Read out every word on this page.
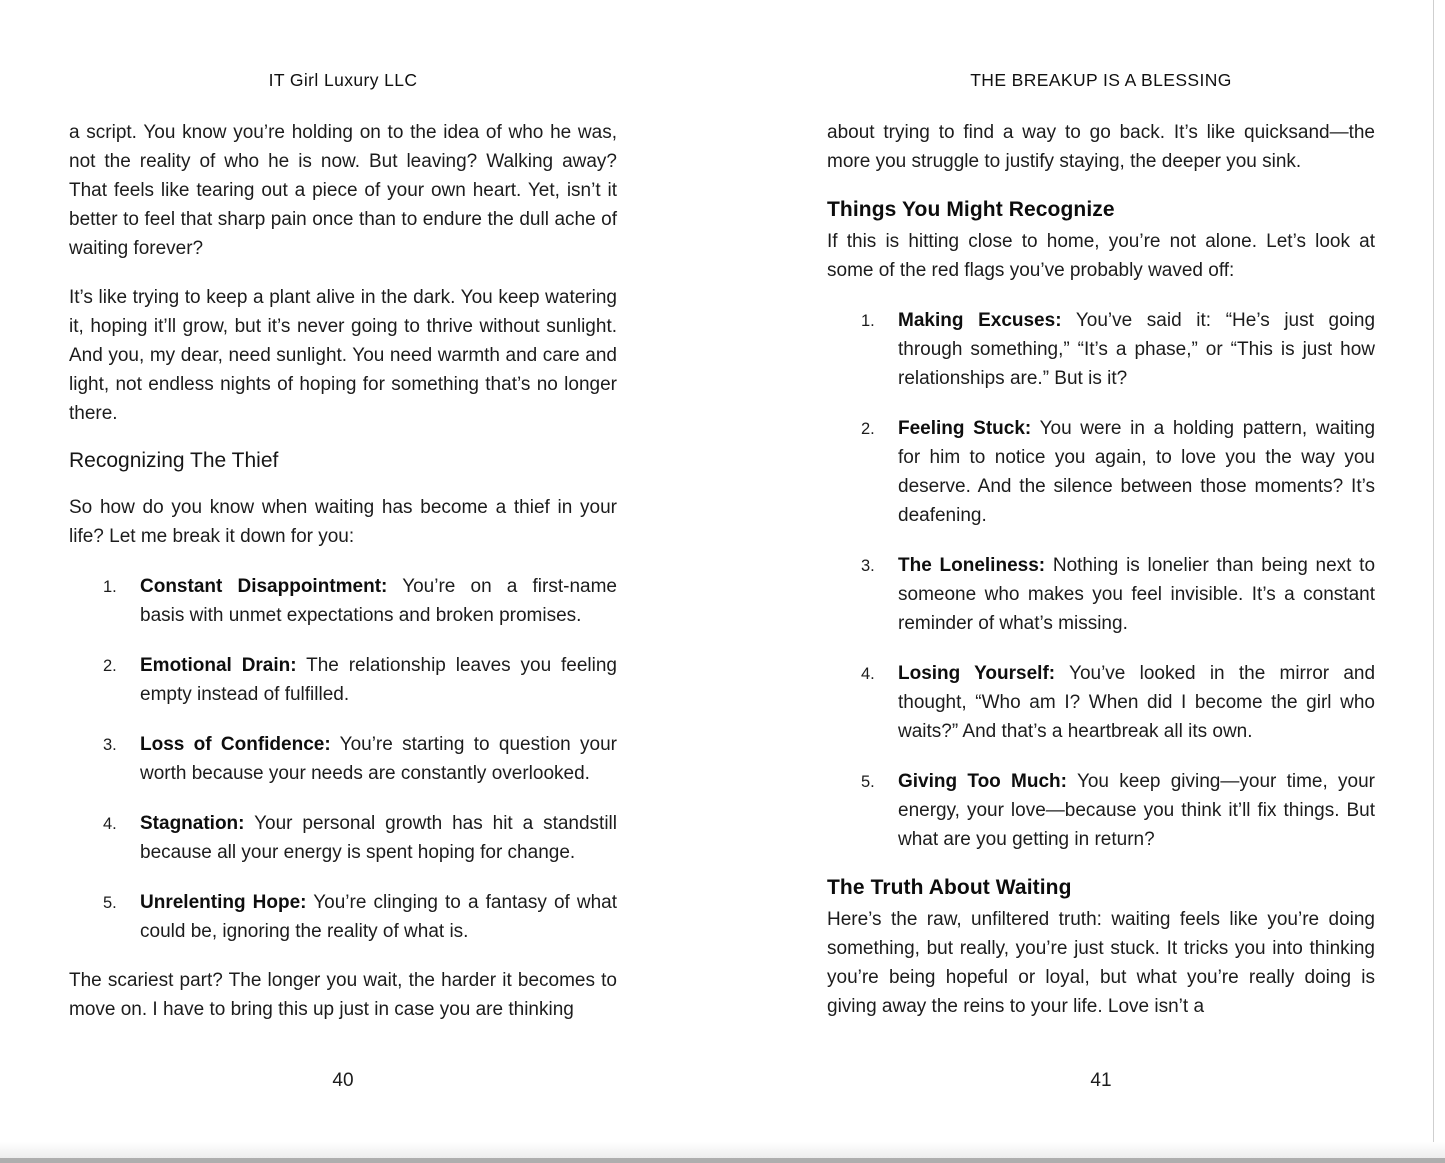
IT Girl Luxury LLC

a script. You know you’re holding on to the idea of who he was, not the reality of who he is now. But leaving? Walking away? That feels like tearing out a piece of your own heart. Yet, isn’t it better to feel that sharp pain once than to endure the dull ache of waiting forever?

It’s like trying to keep a plant alive in the dark. You keep watering it, hoping it’ll grow, but it’s never going to thrive without sunlight. And you, my dear, need sunlight. You need warmth and care and light, not endless nights of hoping for something that’s no longer there.

Recognizing The Thief

So how do you know when waiting has become a thief in your life? Let me break it down for you:

1. Constant Disappointment: You’re on a first-name basis with unmet expectations and broken promises.
2. Emotional Drain: The relationship leaves you feeling empty instead of fulfilled.
3. Loss of Confidence: You’re starting to question your worth because your needs are constantly overlooked.
4. Stagnation: Your personal growth has hit a standstill because all your energy is spent hoping for change.
5. Unrelenting Hope: You’re clinging to a fantasy of what could be, ignoring the reality of what is.

The scariest part? The longer you wait, the harder it becomes to move on. I have to bring this up just in case you are thinking

THE BREAKUP IS A BLESSING

about trying to find a way to go back. It’s like quicksand—the more you struggle to justify staying, the deeper you sink.

Things You Might Recognize

If this is hitting close to home, you’re not alone. Let’s look at some of the red flags you’ve probably waved off:

1. Making Excuses: You’ve said it: “He’s just going through something,” “It’s a phase,” or “This is just how relationships are.” But is it?
2. Feeling Stuck: You were in a holding pattern, waiting for him to notice you again, to love you the way you deserve. And the silence between those moments? It’s deafening.
3. The Loneliness: Nothing is lonelier than being next to someone who makes you feel invisible. It’s a constant reminder of what’s missing.
4. Losing Yourself: You’ve looked in the mirror and thought, “Who am I? When did I become the girl who waits?” And that’s a heartbreak all its own.
5. Giving Too Much: You keep giving—your time, your energy, your love—because you think it’ll fix things. But what are you getting in return?
The Truth About Waiting

Here’s the raw, unfiltered truth: waiting feels like you’re doing something, but really, you’re just stuck. It tricks you into thinking you’re being hopeful or loyal, but what you’re really doing is giving away the reins to your life. Love isn’t a

40	41
